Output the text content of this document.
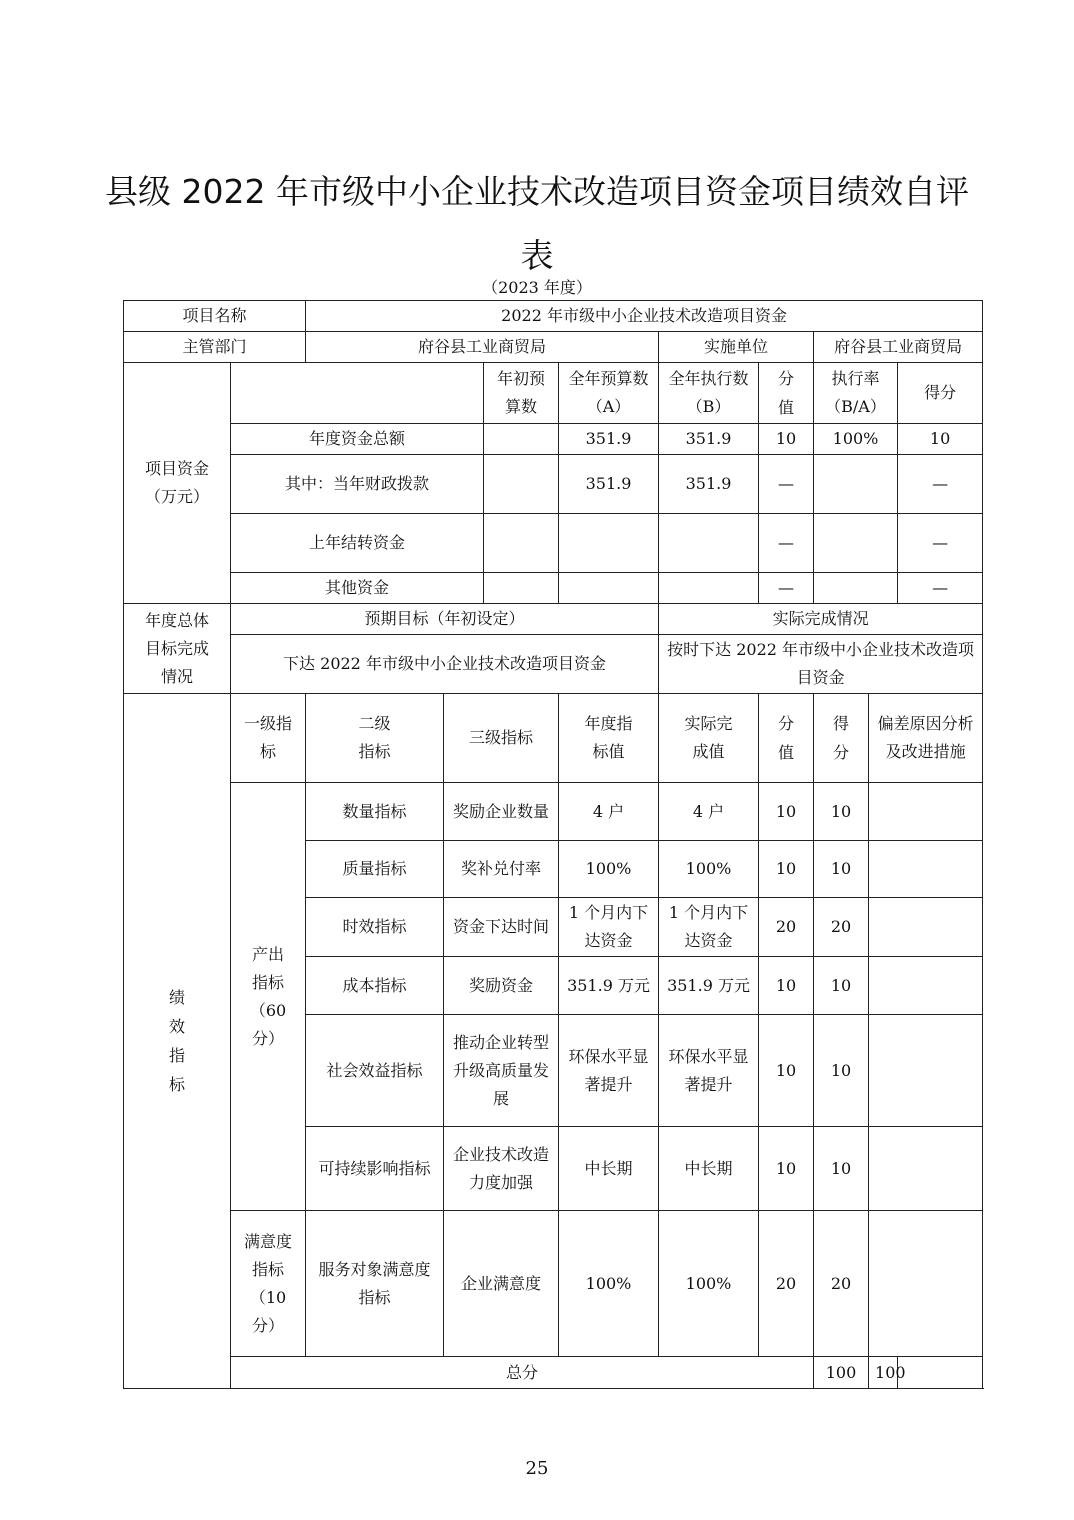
县级 2022 年市级中小企业技术改造项目资金项目绩效自评
表
（2023 年度）
项目名称		2022 年市级中小企业技术改造项目资金								
主管部门		府谷县工业商贸局				实施单位		府谷县工业商贸局		
项目资金（万元）				年初预算数	全年预算数（A）	全年执行数（B）	分值	执行率（B/A）		得分
	年度资金总额				351.9	351.9	10	100%		10
	其中：当年财政拨款				351.9	351.9	—			—
	上年结转资金						—			—
	其他资金						—			—
年度总体目标完成情况	预期目标（年初设定）					实际完成情况				
	下达 2022 年市级中小企业技术改造项目资金					按时下达 2022 年市级中小企业技术改造项目资金				
绩效指标	一级指标	二级指标	三级指标		年度指标值	实际完成值	分值	得分	偏差原因分析及改进措施	
	产出指标（60分）	数量指标	奖励企业数量		4 户	4 户	10	10		
		质量指标	奖补兑付率		100%	100%	10	10		
		时效指标	资金下达时间		1 个月内下达资金	1 个月内下达资金	20	20		
		成本指标	奖励资金		351.9 万元	351.9 万元	10	10		
		社会效益指标	推动企业转型升级高质量发展		环保水平显著提升	环保水平显著提升	10	10		
		可持续影响指标	企业技术改造力度加强		中长期	中长期	10	10		
	满意度指标（10分）	服务对象满意度指标	企业满意度		100%	100%	20	20		
	总分							100	100	
25
